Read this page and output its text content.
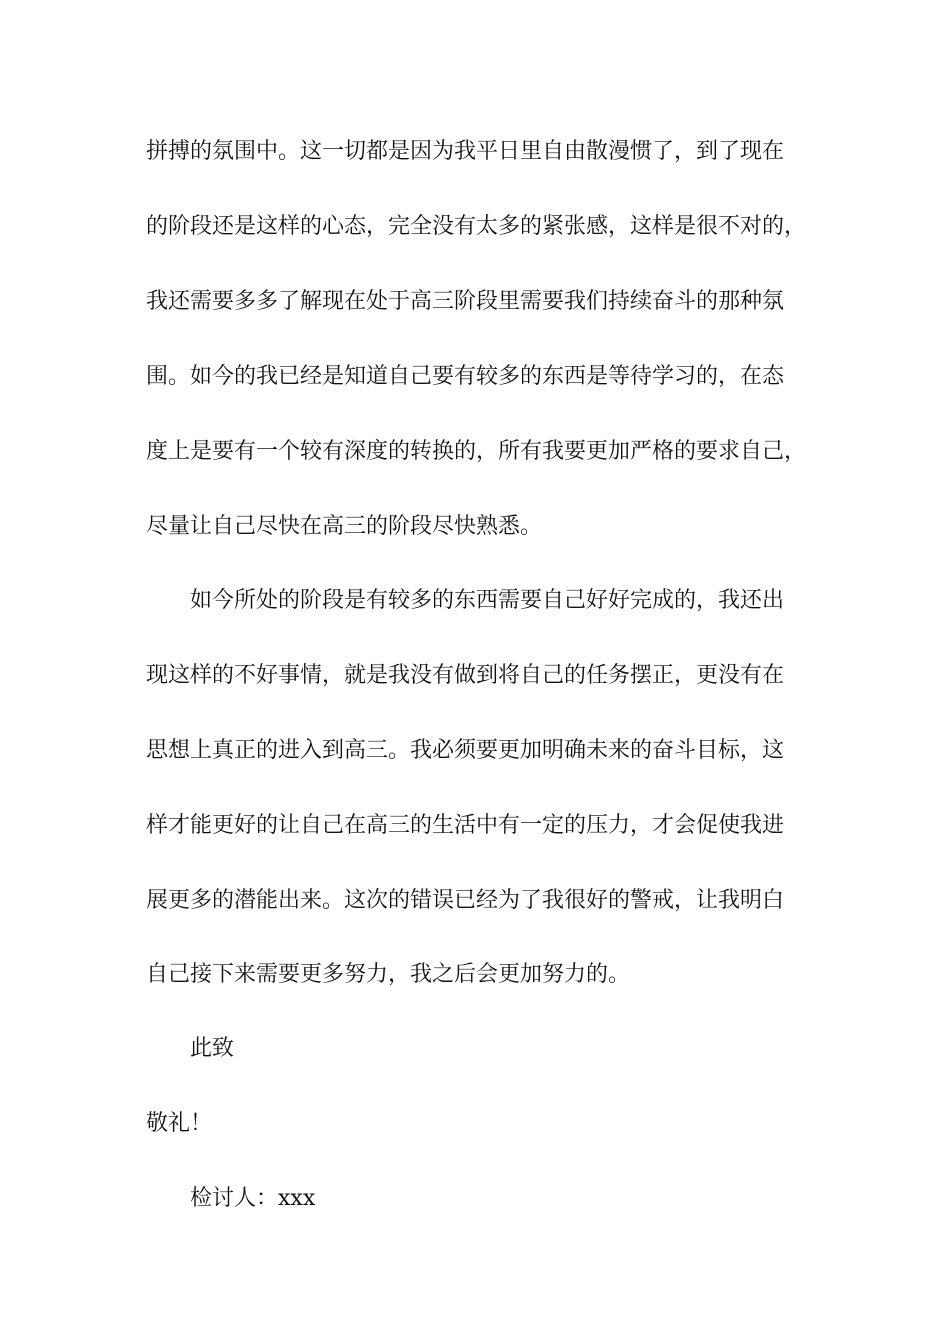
拼搏的氛围中。这一切都是因为我平日里自由散漫惯了，到了现在
的阶段还是这样的心态，完全没有太多的紧张感，这样是很不对的，
我还需要多多了解现在处于高三阶段里需要我们持续奋斗的那种氛
围。如今的我已经是知道自己要有较多的东西是等待学习的，在态
度上是要有一个较有深度的转换的，所有我要更加严格的要求自己，
尽量让自己尽快在高三的阶段尽快熟悉。
如今所处的阶段是有较多的东西需要自己好好完成的，我还出
现这样的不好事情，就是我没有做到将自己的任务摆正，更没有在
思想上真正的进入到高三。我必须要更加明确未来的奋斗目标，这
样才能更好的让自己在高三的生活中有一定的压力，才会促使我进
展更多的潜能出来。这次的错误已经为了我很好的警戒，让我明白
自己接下来需要更多努力，我之后会更加努力的。
此致
敬礼！
检讨人：xxx
